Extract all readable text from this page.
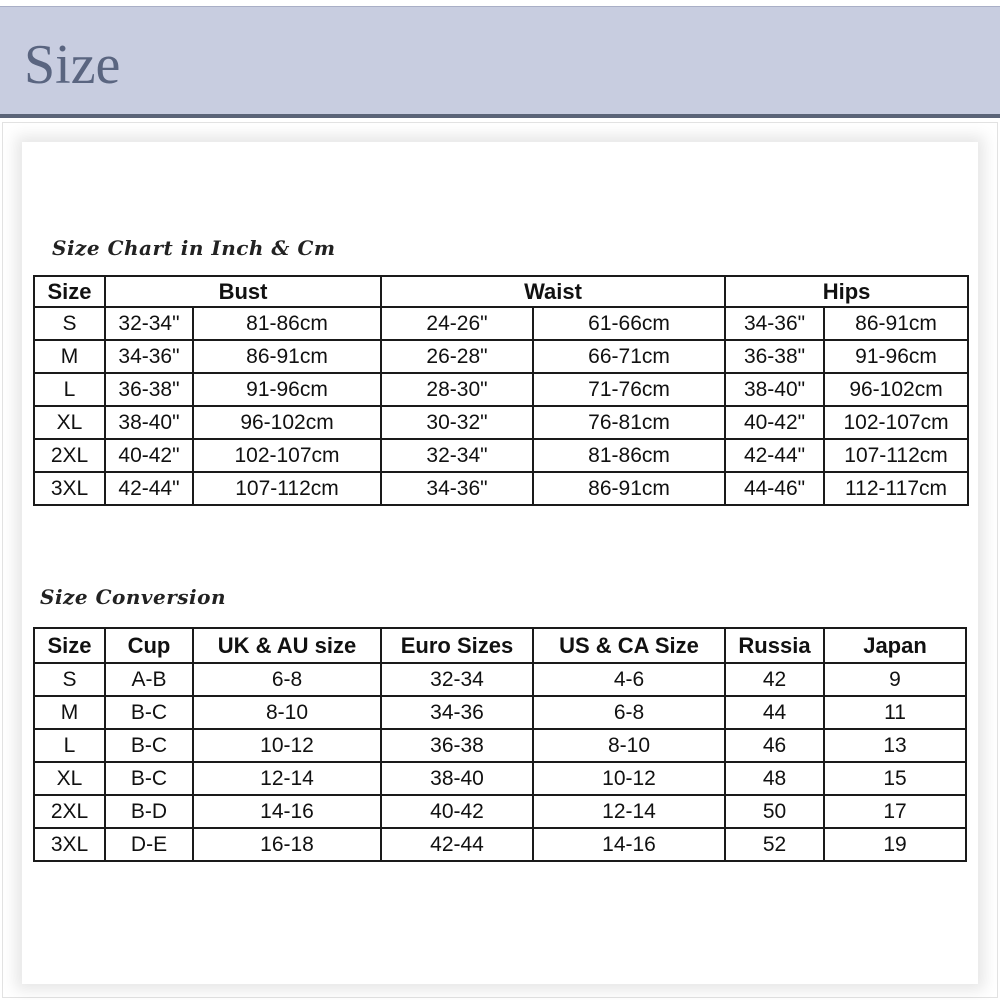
Size
Size Chart in Inch & Cm
Size	Bust		Waist		Hips	
S	32-34"	81-86cm	24-26"	61-66cm	34-36"	86-91cm
M	34-36"	86-91cm	26-28"	66-71cm	36-38"	91-96cm
L	36-38"	91-96cm	28-30"	71-76cm	38-40"	96-102cm
XL	38-40"	96-102cm	30-32"	76-81cm	40-42"	102-107cm
2XL	40-42"	102-107cm	32-34"	81-86cm	42-44"	107-112cm
3XL	42-44"	107-112cm	34-36"	86-91cm	44-46"	112-117cm
Size Conversion
Size	Cup	UK & AU size	Euro Sizes	US & CA Size	Russia	Japan
S	A-B	6-8	32-34	4-6	42	9
M	B-C	8-10	34-36	6-8	44	11
L	B-C	10-12	36-38	8-10	46	13
XL	B-C	12-14	38-40	10-12	48	15
2XL	B-D	14-16	40-42	12-14	50	17
3XL	D-E	16-18	42-44	14-16	52	19
